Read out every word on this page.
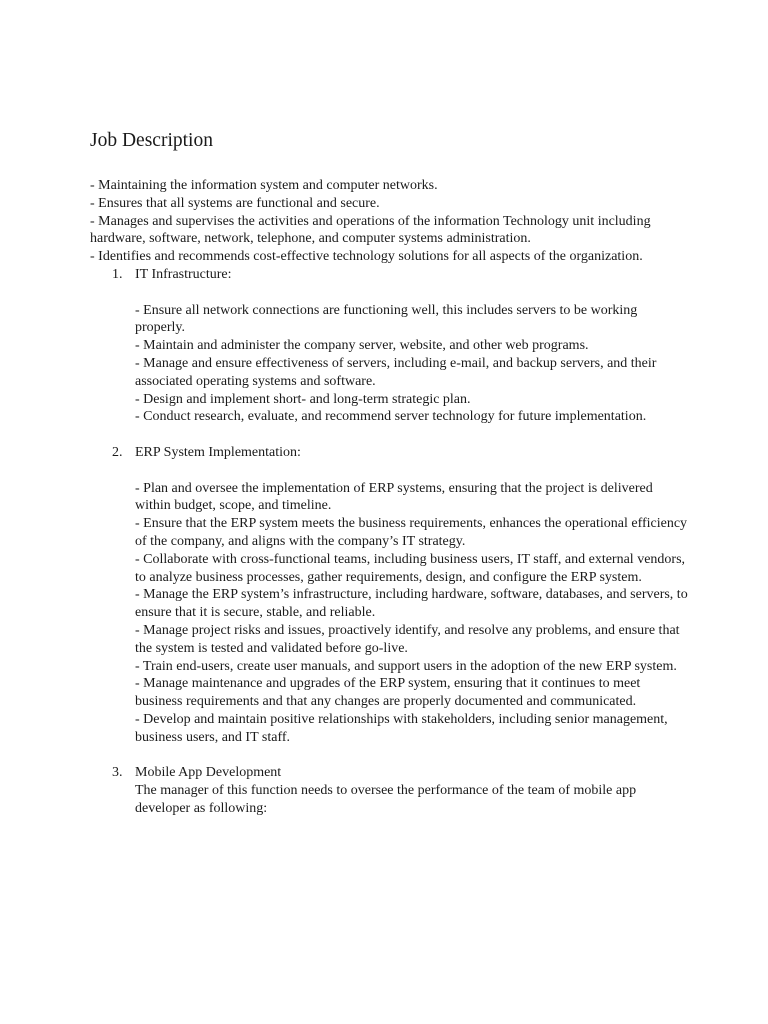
Job Description

- Maintaining the information system and computer networks.

- Ensures that all systems are functional and secure.

- Manages and supervises the activities and operations of the information Technology unit including hardware, software, network, telephone, and computer systems administration.

- Identifies and recommends cost-effective technology solutions for all aspects of the organization.

1. IT Infrastructure:

- Ensure all network connections are functioning well, this includes servers to be working properly.

- Maintain and administer the company server, website, and other web programs.

- Manage and ensure effectiveness of servers, including e-mail, and backup servers, and their associated operating systems and software.

- Design and implement short- and long-term strategic plan.

- Conduct research, evaluate, and recommend server technology for future implementation.

2. ERP System Implementation:

- Plan and oversee the implementation of ERP systems, ensuring that the project is delivered within budget, scope, and timeline.

- Ensure that the ERP system meets the business requirements, enhances the operational efficiency of the company, and aligns with the company’s IT strategy.

- Collaborate with cross-functional teams, including business users, IT staff, and external vendors, to analyze business processes, gather requirements, design, and configure the ERP system.

- Manage the ERP system’s infrastructure, including hardware, software, databases, and servers, to ensure that it is secure, stable, and reliable.

- Manage project risks and issues, proactively identify, and resolve any problems, and ensure that the system is tested and validated before go-live.

- Train end-users, create user manuals, and support users in the adoption of the new ERP system.

- Manage maintenance and upgrades of the ERP system, ensuring that it continues to meet business requirements and that any changes are properly documented and communicated.

- Develop and maintain positive relationships with stakeholders, including senior management, business users, and IT staff.

3. Mobile App Development

The manager of this function needs to oversee the performance of the team of mobile app developer as following:
